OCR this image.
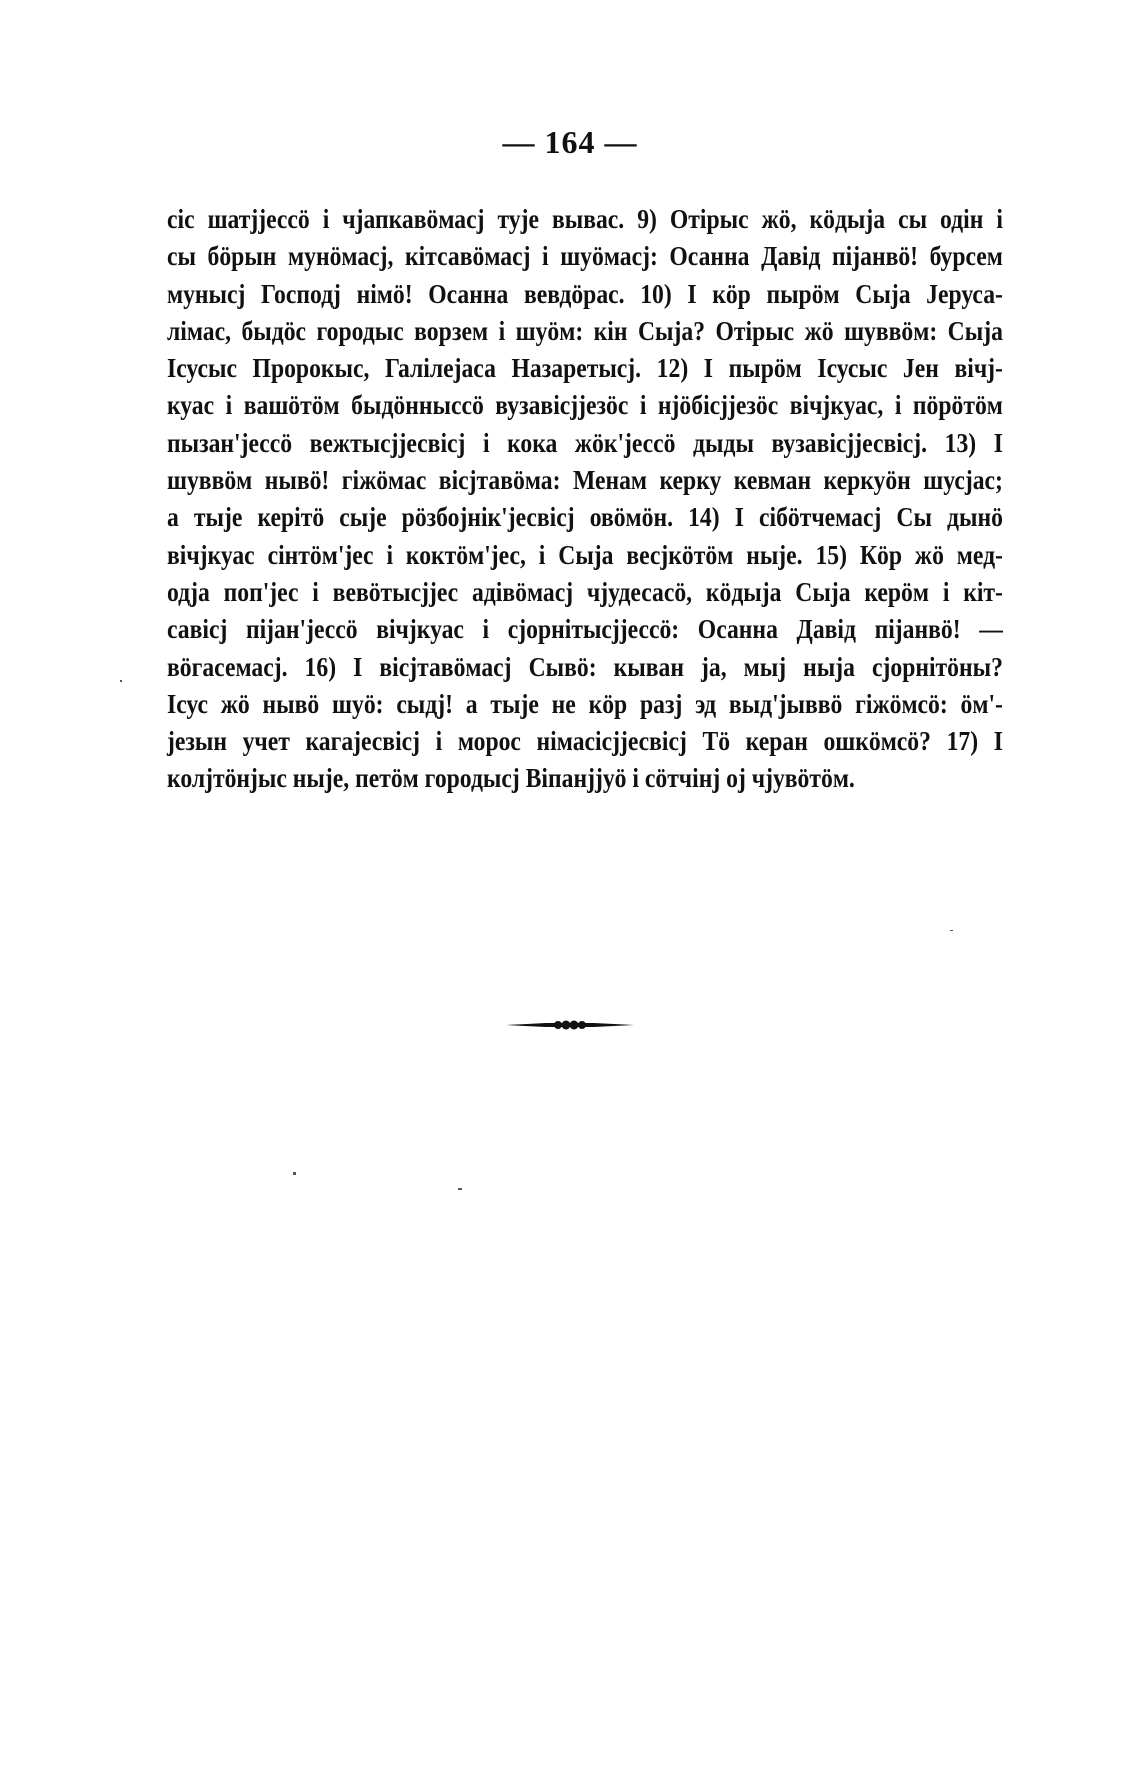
— 164 —
сіс шатјјессӧ і чјапкавӧмасј тује вывас. 9) Отірыс жӧ, кӧдыја сы одін і
сы бӧрын мунӧмасј, кітсавӧмасј і шуӧмасј: Осанна Давід піјанвӧ! бурсем
мунысј Господј німӧ! Осанна вевдӧрас. 10) І кӧр пырӧм Сыја Јеруса-
лімас, быдӧс городыс ворзем і шуӧм: кін Сыја? Отірыс жӧ шуввӧм: Сыја
Ісусыс Пророкыс, Галілејаса Назаретысј. 12) І пырӧм Ісусыс Јен вічј-
куас і вашӧтӧм быдӧнныссӧ вузавісјјезӧс і нјӧбісјјезӧс вічјкуас, і пӧрӧтӧм
пызан'јессӧ вежтысјјесвісј і кока жӧк'јессӧ дыды вузавісјјесвісј. 13) І
шуввӧм нывӧ! гіжӧмас вісјтавӧма: Менам керку кевман керкуӧн шусјас;
а тыје керітӧ сыје рӧзбојнік'јесвісј овӧмӧн. 14) І сібӧтчемасј Сы дынӧ
вічјкуас сінтӧм'јес і коктӧм'јес, і Сыја весјкӧтӧм ныје. 15) Кӧр жӧ мед-
одја поп'јес і вевӧтысјјес адівӧмасј чјудесасӧ, кӧдыја Сыја керӧм і кіт-
савісј піјан'јессӧ вічјкуас і сјорнітысјјессӧ: Осанна Давід піјанвӧ! —
вӧгасемасј. 16) І вісјтавӧмасј Сывӧ: кыван ја, мыј ныја сјорнітӧны?
Ісус жӧ нывӧ шуӧ: сыдј! а тыје не кӧр разј эд выд'јыввӧ гіжӧмсӧ: ӧм'-
језын учет кагајесвісј і морос німасісјјесвісј Тӧ керан ошкӧмсӧ? 17) І
колјтӧнјыс ныје, петӧм городысј Віпанјјуӧ і сӧтчінј ој чјувӧтӧм.
